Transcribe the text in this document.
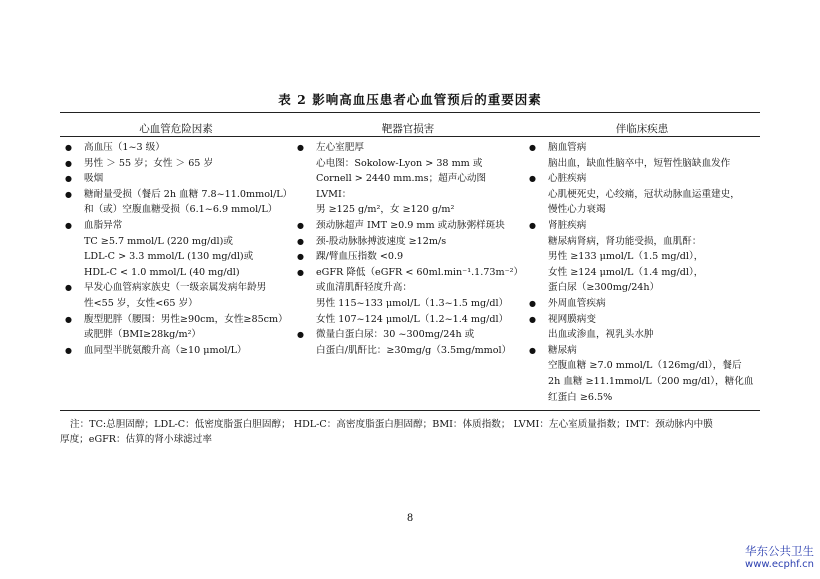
表 2 影响高血压患者心血管预后的重要因素
心血管危险因素	靶器官损害	伴临床疾患
● 高血压（1~3 级）
● 男性 ＞ 55 岁；女性 ＞ 65 岁
● 吸烟
● 糖耐量受损（餐后 2h 血糖 7.8~11.0mmol/L）
和（或）空腹血糖受损（6.1~6.9 mmol/L）
● 血脂异常
TC ≥5.7 mmol/L (220 mg/dl)或
LDL-C > 3.3 mmol/L (130 mg/dl)或
HDL-C < 1.0 mmol/L (40 mg/dl)
● 早发心血管病家族史（一级亲属发病年龄男
性<55 岁，女性<65 岁）
● 腹型肥胖（腰围：男性≥90cm，女性≥85cm）
或肥胖（BMI≥28kg/m²）
● 血同型半胱氨酸升高（≥10 μmol/L）
● 左心室肥厚
心电图：Sokolow-Lyon > 38 mm 或
Cornell > 2440 mm.ms；超声心动图 LVMI：
男 ≥125 g/m²，女 ≥120 g/m²
● 颈动脉超声 IMT ≥0.9 mm 或动脉粥样斑块
● 颈-股动脉脉搏波速度 ≥12m/s
● 踝/臂血压指数 <0.9
● eGFR 降低（eGFR < 60ml.min⁻¹.1.73m⁻²）
或血清肌酐轻度升高：
男性 115~133 μmol/L（1.3~1.5 mg/dl）
女性 107~124 μmol/L（1.2~1.4 mg/dl）
● 微量白蛋白尿：30 ~300mg/24h 或
白蛋白/肌酐比：≥30mg/g（3.5mg/mmol）
● 脑血管病
脑出血，缺血性脑卒中，短暂性脑缺血发作
● 心脏疾病
心肌梗死史，心绞痛，冠状动脉血运重建史，
慢性心力衰竭
● 肾脏疾病
糖尿病肾病，肾功能受损，血肌酐：
男性 ≥133 μmol/L（1.5 mg/dl），
女性 ≥124 μmol/L（1.4 mg/dl），
蛋白尿（≥300mg/24h）
● 外周血管疾病
● 视网膜病变
出血或渗血，视乳头水肿
● 糖尿病
空腹血糖 ≥7.0 mmol/L（126mg/dl），餐后
2h 血糖 ≥11.1mmol/L（200 mg/dl），糖化血
红蛋白 ≥6.5%
注：TC:总胆固醇；LDL-C：低密度脂蛋白胆固醇； HDL-C：高密度脂蛋白胆固醇；BMI：体质指数； LVMI：左心室质量指数；IMT：颈动脉内中膜
厚度；eGFR：估算的肾小球滤过率
8
华东公共卫生
www.ecphf.cn
